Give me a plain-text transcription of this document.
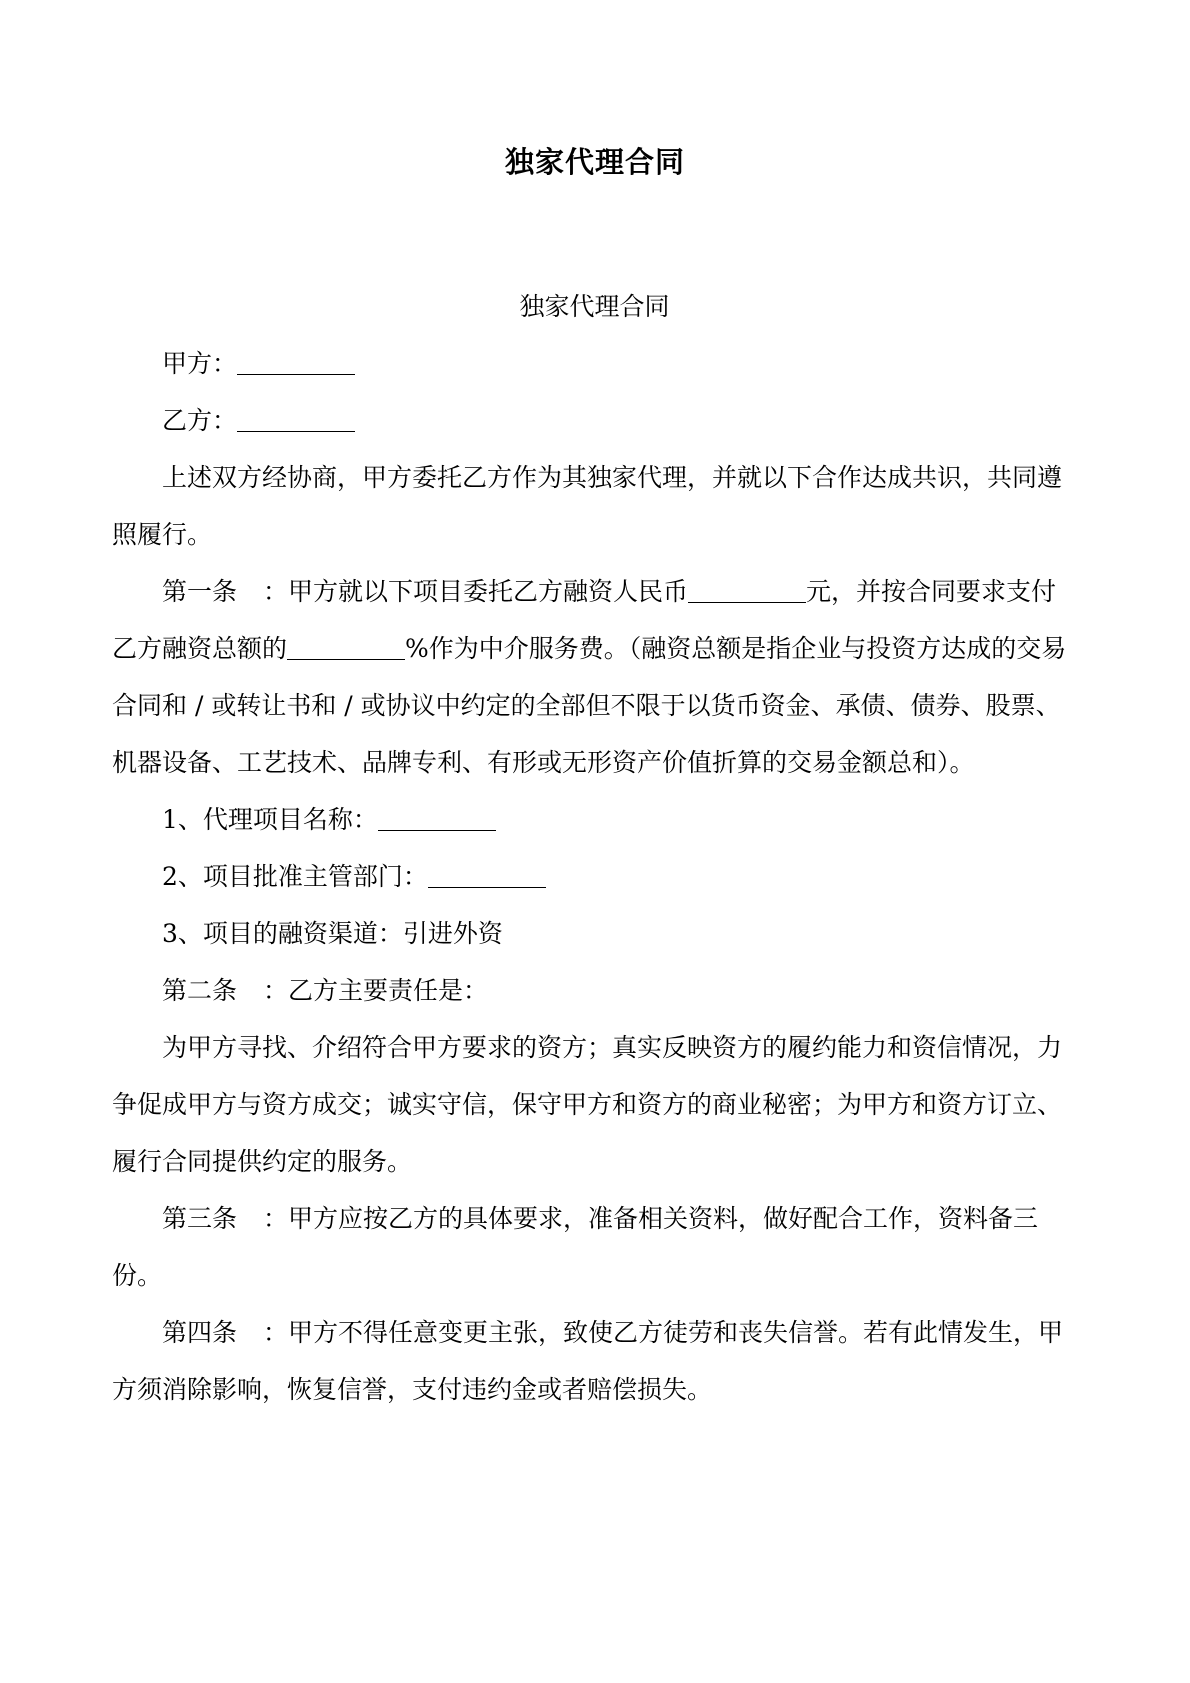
独家代理合同

独家代理合同

甲方：

乙方：

上述双方经协商，甲方委托乙方作为其独家代理，并就以下合作达成共识，共同遵照履行。

第一条 ：甲方就以下项目委托乙方融资人民币	元，并按合同要求支付乙方融资总额的	%作为中介服务费。（融资总额是指企业与投资方达成的交易合同和 / 或转让书和 / 或协议中约定的全部但不限于以货币资金、承债、债券、股票、机器设备、工艺技术、品牌专利、有形或无形资产价值折算的交易金额总和）。

1、代理项目名称：

2、项目批准主管部门：

3、项目的融资渠道：引进外资

第二条 ：乙方主要责任是：

为甲方寻找、介绍符合甲方要求的资方；真实反映资方的履约能力和资信情况，力争促成甲方与资方成交；诚实守信，保守甲方和资方的商业秘密；为甲方和资方订立、履行合同提供约定的服务。

第三条 ：甲方应按乙方的具体要求，准备相关资料，做好配合工作，资料备三份。

第四条 ：甲方不得任意变更主张，致使乙方徒劳和丧失信誉。若有此情发生，甲方须消除影响，恢复信誉，支付违约金或者赔偿损失。
